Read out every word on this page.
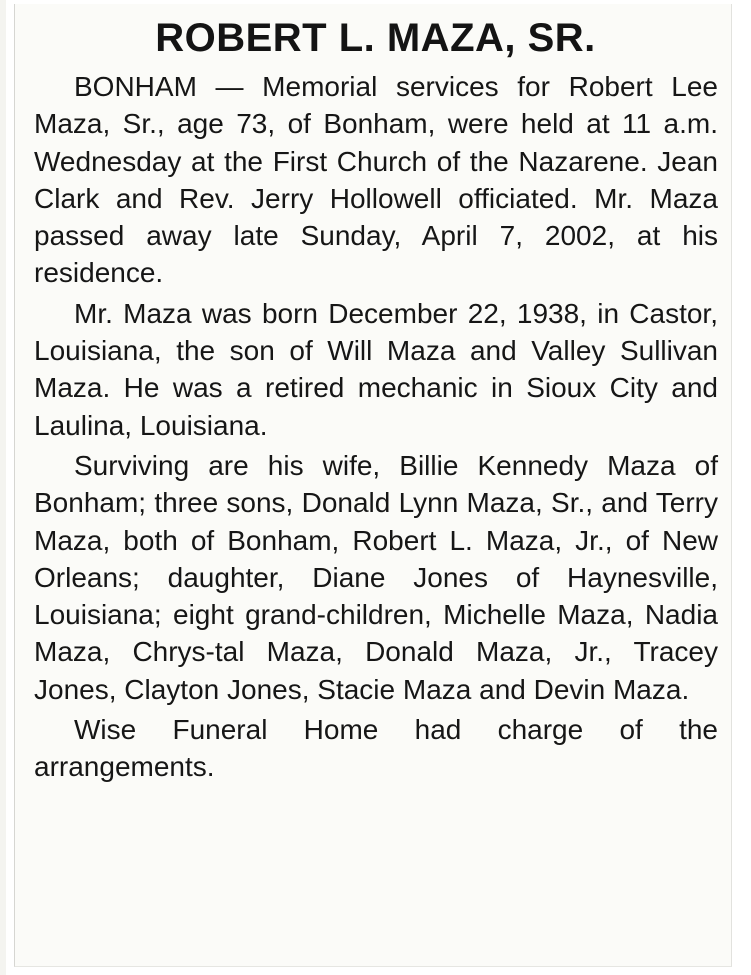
ROBERT L. MAZA, SR.

BONHAM — Memorial services for Robert Lee Maza, Sr., age 73, of Bonham, were held at 11 a.m. Wednesday at the First Church of the Nazarene. Jean Clark and Rev. Jerry Hollowell officiated. Mr. Maza passed away late Sunday, April 7, 2002, at his residence.

Mr. Maza was born December 22, 1938, in Castor, Louisiana, the son of Will Maza and Valley Sullivan Maza. He was a retired mechanic in Sioux City and Laulina, Louisiana.

Surviving are his wife, Billie Kennedy Maza of Bonham; three sons, Donald Lynn Maza, Sr., and Terry Maza, both of Bonham, Robert L. Maza, Jr., of New Orleans; daughter, Diane Jones of Haynesville, Louisiana; eight grand-children, Michelle Maza, Nadia Maza, Chrys-tal Maza, Donald Maza, Jr., Tracey Jones, Clayton Jones, Stacie Maza and Devin Maza.

Wise Funeral Home had charge of the arrangements.
